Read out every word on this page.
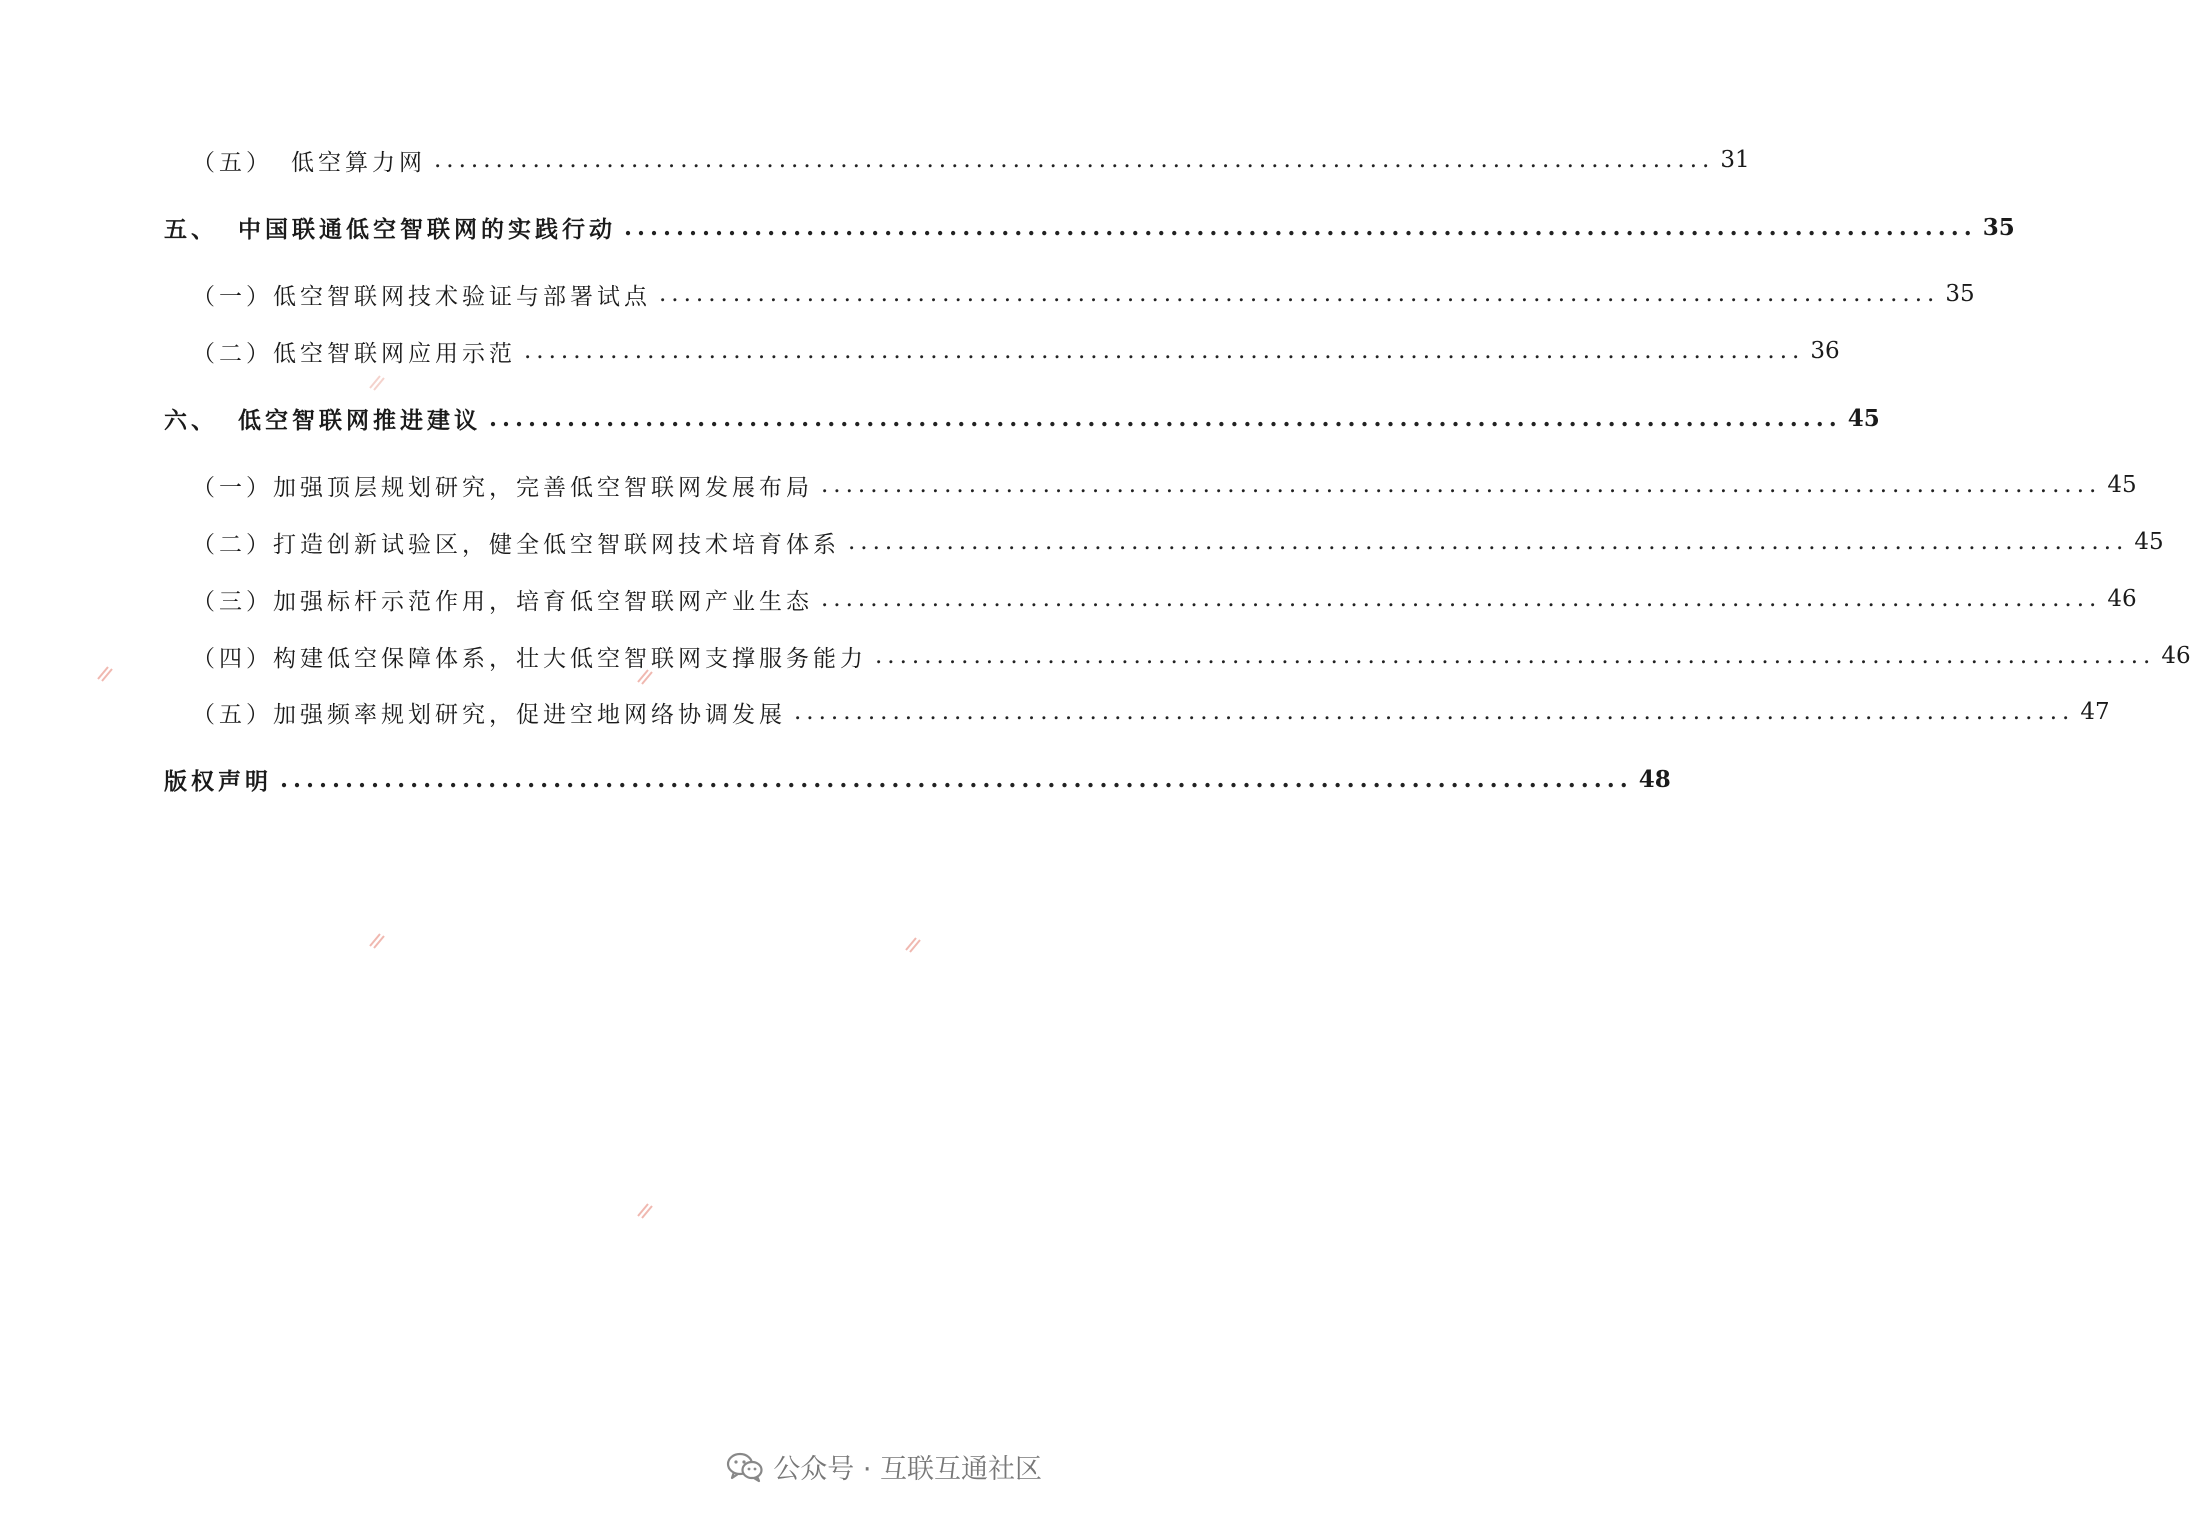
（五） 低空算力网 ........................................................................................................ 31
五、 中国联通低空智联网的实践行动 ........................................................................................................ 35
（一）低空智联网技术验证与部署试点 ........................................................................................................ 35
（二）低空智联网应用示范 ........................................................................................................ 36
六、 低空智联网推进建议 ........................................................................................................ 45
（一）加强顶层规划研究，完善低空智联网发展布局 ........................................................................................................ 45
（二）打造创新试验区，健全低空智联网技术培育体系 ........................................................................................................ 45
（三）加强标杆示范作用，培育低空智联网产业生态 ........................................................................................................ 46
（四）构建低空保障体系，壮大低空智联网支撑服务能力 ........................................................................................................ 46
（五）加强频率规划研究，促进空地网络协调发展 ........................................................................................................ 47
版权声明 ........................................................................................................ 48
公众号 · 互联互通社区
